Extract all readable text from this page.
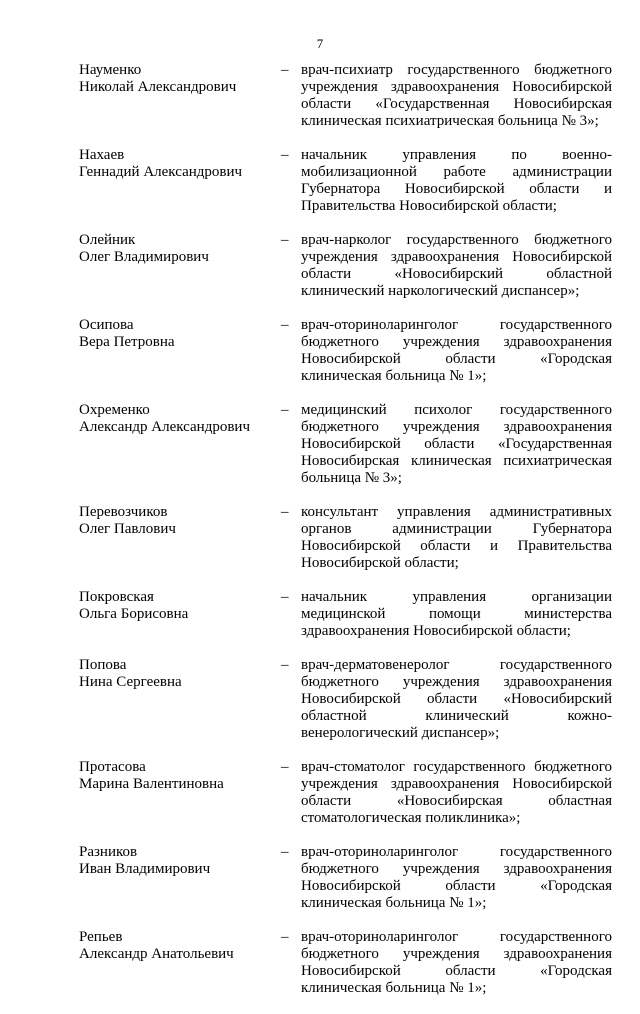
7
Науменко
Николай Александрович
– врач-психиатр государственного бюджетного учреждения здравоохранения Новосибирской области «Государственная Новосибирская клиническая психиатрическая больница № 3»;
Нахаев
Геннадий Александрович
– начальник управления по военно-мобилизационной работе администрации Губернатора Новосибирской области и Правительства Новосибирской области;
Олейник
Олег Владимирович
– врач-нарколог государственного бюджетного учреждения здравоохранения Новосибирской области «Новосибирский областной клинический наркологический диспансер»;
Осипова
Вера Петровна
– врач-оториноларинголог государственного бюджетного учреждения здравоохранения Новосибирской области «Городская клиническая больница № 1»;
Охременко
Александр Александрович
– медицинский психолог государственного бюджетного учреждения здравоохранения Новосибирской области «Государственная Новосибирская клиническая психиатрическая больница № 3»;
Перевозчиков
Олег Павлович
– консультант управления административных органов администрации Губернатора Новосибирской области и Правительства Новосибирской области;
Покровская
Ольга Борисовна
– начальник управления организации медицинской помощи министерства здравоохранения Новосибирской области;
Попова
Нина Сергеевна
– врач-дерматовенеролог государственного бюджетного учреждения здравоохранения Новосибирской области «Новосибирский областной клинический кожно-венерологический диспансер»;
Протасова
Марина Валентиновна
– врач-стоматолог государственного бюджетного учреждения здравоохранения Новосибирской области «Новосибирская областная стоматологическая поликлиника»;
Разников
Иван Владимирович
– врач-оториноларинголог государственного бюджетного учреждения здравоохранения Новосибирской области «Городская клиническая больница № 1»;
Репьев
Александр Анатольевич
– врач-оториноларинголог государственного бюджетного учреждения здравоохранения Новосибирской области «Городская клиническая больница № 1»;
